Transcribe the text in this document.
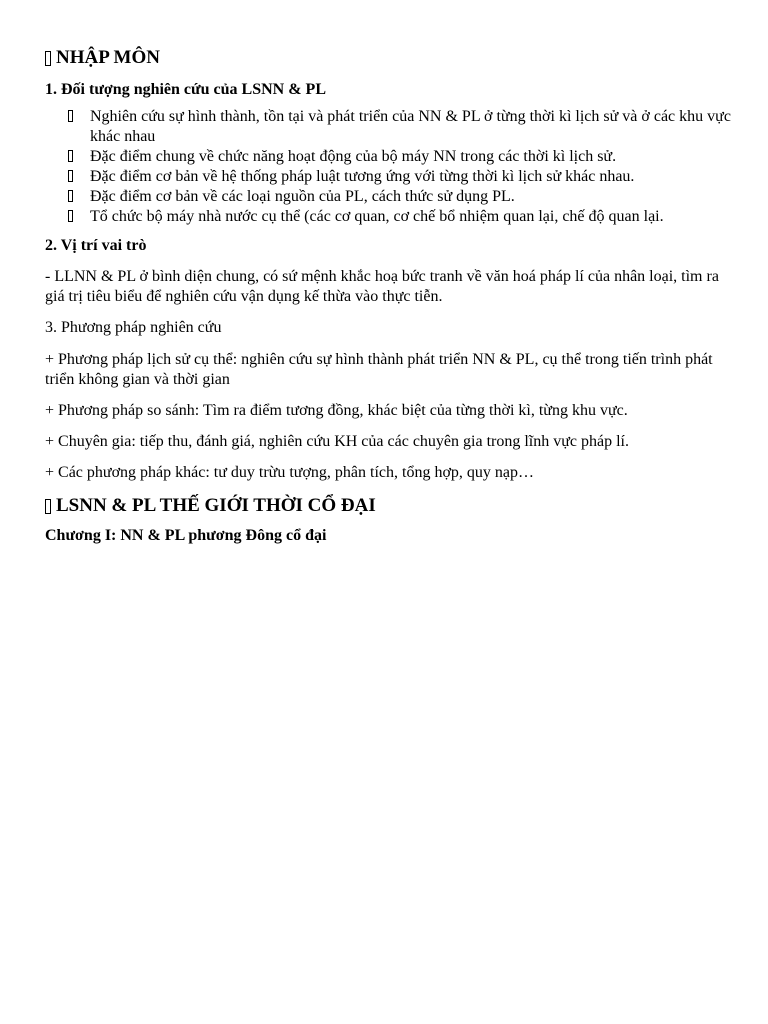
NHẬP MÔN

1. Đối tượng nghiên cứu của LSNN & PL

Nghiên cứu sự hình thành, tồn tại và phát triển của NN & PL ở từng thời kì lịch sử và ở các khu vực khác nhau
Đặc điểm chung về chức năng hoạt động của bộ máy NN trong các thời kì lịch sử.
Đặc điểm cơ bản về hệ thống pháp luật tương ứng với từng thời kì lịch sử khác nhau.
Đặc điểm cơ bản về các loại nguồn của PL, cách thức sử dụng PL.
Tổ chức bộ máy nhà nước cụ thể (các cơ quan, cơ chế bổ nhiệm quan lại, chế độ quan lại.

2. Vị trí vai trò

- LLNN & PL ở bình diện chung, có sứ mệnh khắc hoạ bức tranh về văn hoá pháp lí của nhân loại, tìm ra giá trị tiêu biểu để nghiên cứu vận dụng kế thừa vào thực tiễn.

3. Phương pháp nghiên cứu

+ Phương pháp lịch sử cụ thể: nghiên cứu sự hình thành phát triển NN & PL, cụ thể trong tiến trình phát triển không gian và thời gian

+ Phương pháp so sánh: Tìm ra điểm tương đồng, khác biệt của từng thời kì, từng khu vực.

+ Chuyên gia: tiếp thu, đánh giá, nghiên cứu KH của các chuyên gia trong lĩnh vực pháp lí.

+ Các phương pháp khác: tư duy trừu tượng, phân tích, tổng hợp, quy nạp…

LSNN & PL THẾ GIỚI THỜI CỔ ĐẠI

Chương I: NN & PL phương Đông cổ đại
